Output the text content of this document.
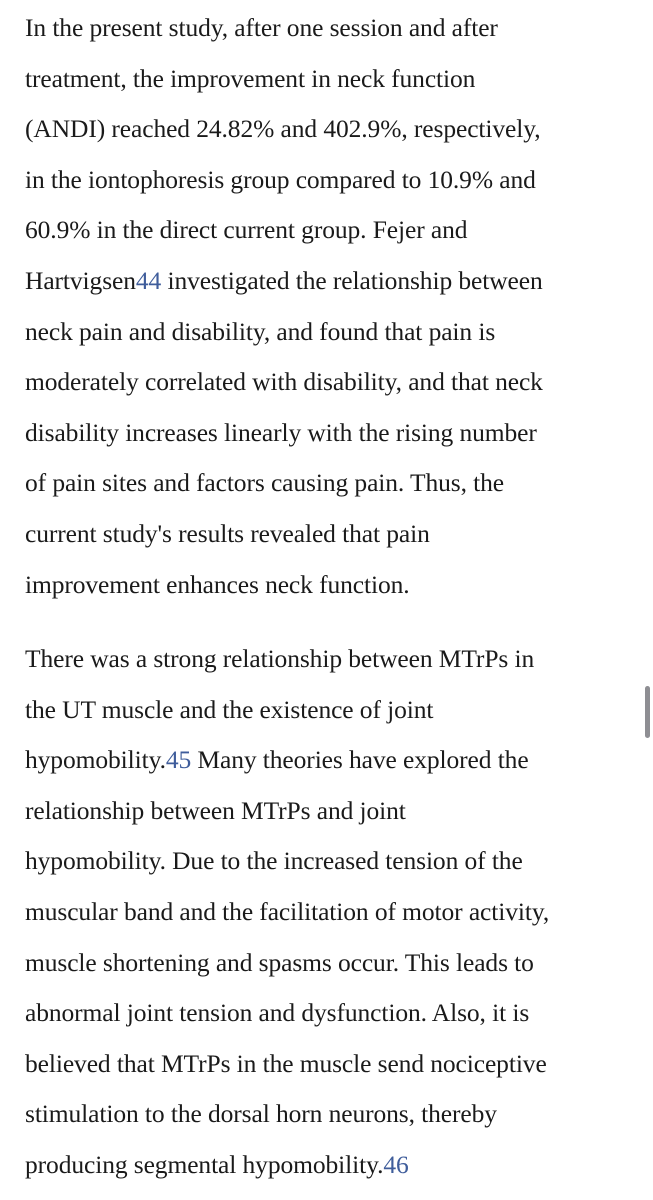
In the present study, after one session and after
treatment, the improvement in neck function
(ANDI) reached 24.82% and 402.9%, respectively,
in the iontophoresis group compared to 10.9% and
60.9% in the direct current group. Fejer and
Hartvigsen44 investigated the relationship between
neck pain and disability, and found that pain is
moderately correlated with disability, and that neck
disability increases linearly with the rising number
of pain sites and factors causing pain. Thus, the
current study's results revealed that pain
improvement enhances neck function.

There was a strong relationship between MTrPs in
the UT muscle and the existence of joint
hypomobility.45 Many theories have explored the
relationship between MTrPs and joint
hypomobility. Due to the increased tension of the
muscular band and the facilitation of motor activity,
muscle shortening and spasms occur. This leads to
abnormal joint tension and dysfunction. Also, it is
believed that MTrPs in the muscle send nociceptive
stimulation to the dorsal horn neurons, thereby
producing segmental hypomobility.46
